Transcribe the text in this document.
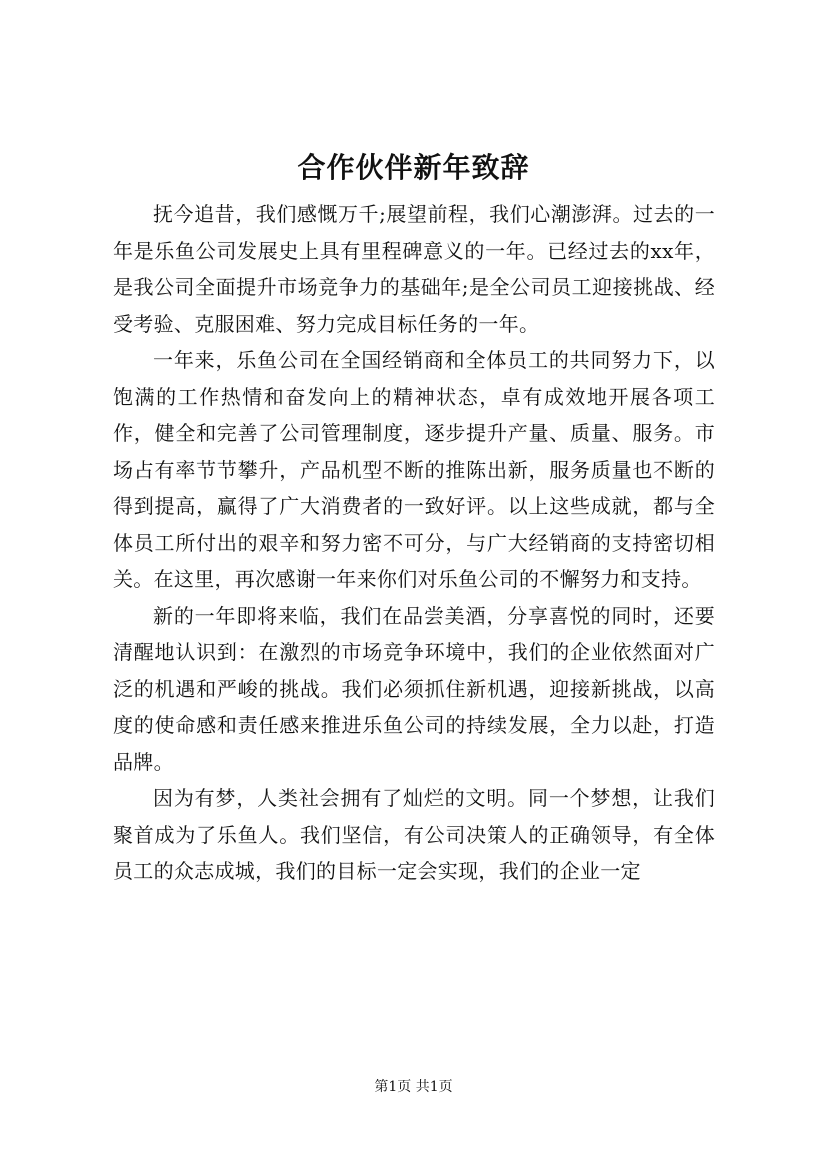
合作伙伴新年致辞

抚今追昔，我们感慨万千;展望前程，我们心潮澎湃。过去的一年是乐鱼公司发展史上具有里程碑意义的一年。已经过去的xx年，是我公司全面提升市场竞争力的基础年;是全公司员工迎接挑战、经受考验、克服困难、努力完成目标任务的一年。

一年来，乐鱼公司在全国经销商和全体员工的共同努力下，以饱满的工作热情和奋发向上的精神状态，卓有成效地开展各项工作，健全和完善了公司管理制度，逐步提升产量、质量、服务。市场占有率节节攀升，产品机型不断的推陈出新，服务质量也不断的得到提高，赢得了广大消费者的一致好评。以上这些成就，都与全体员工所付出的艰辛和努力密不可分，与广大经销商的支持密切相关。在这里，再次感谢一年来你们对乐鱼公司的不懈努力和支持。

新的一年即将来临，我们在品尝美酒，分享喜悦的同时，还要清醒地认识到：在激烈的市场竞争环境中，我们的企业依然面对广泛的机遇和严峻的挑战。我们必须抓住新机遇，迎接新挑战，以高度的使命感和责任感来推进乐鱼公司的持续发展，全力以赴，打造品牌。

因为有梦，人类社会拥有了灿烂的文明。同一个梦想，让我们聚首成为了乐鱼人。我们坚信，有公司决策人的正确领导，有全体员工的众志成城，我们的目标一定会实现，我们的企业一定

第1页 共1页
